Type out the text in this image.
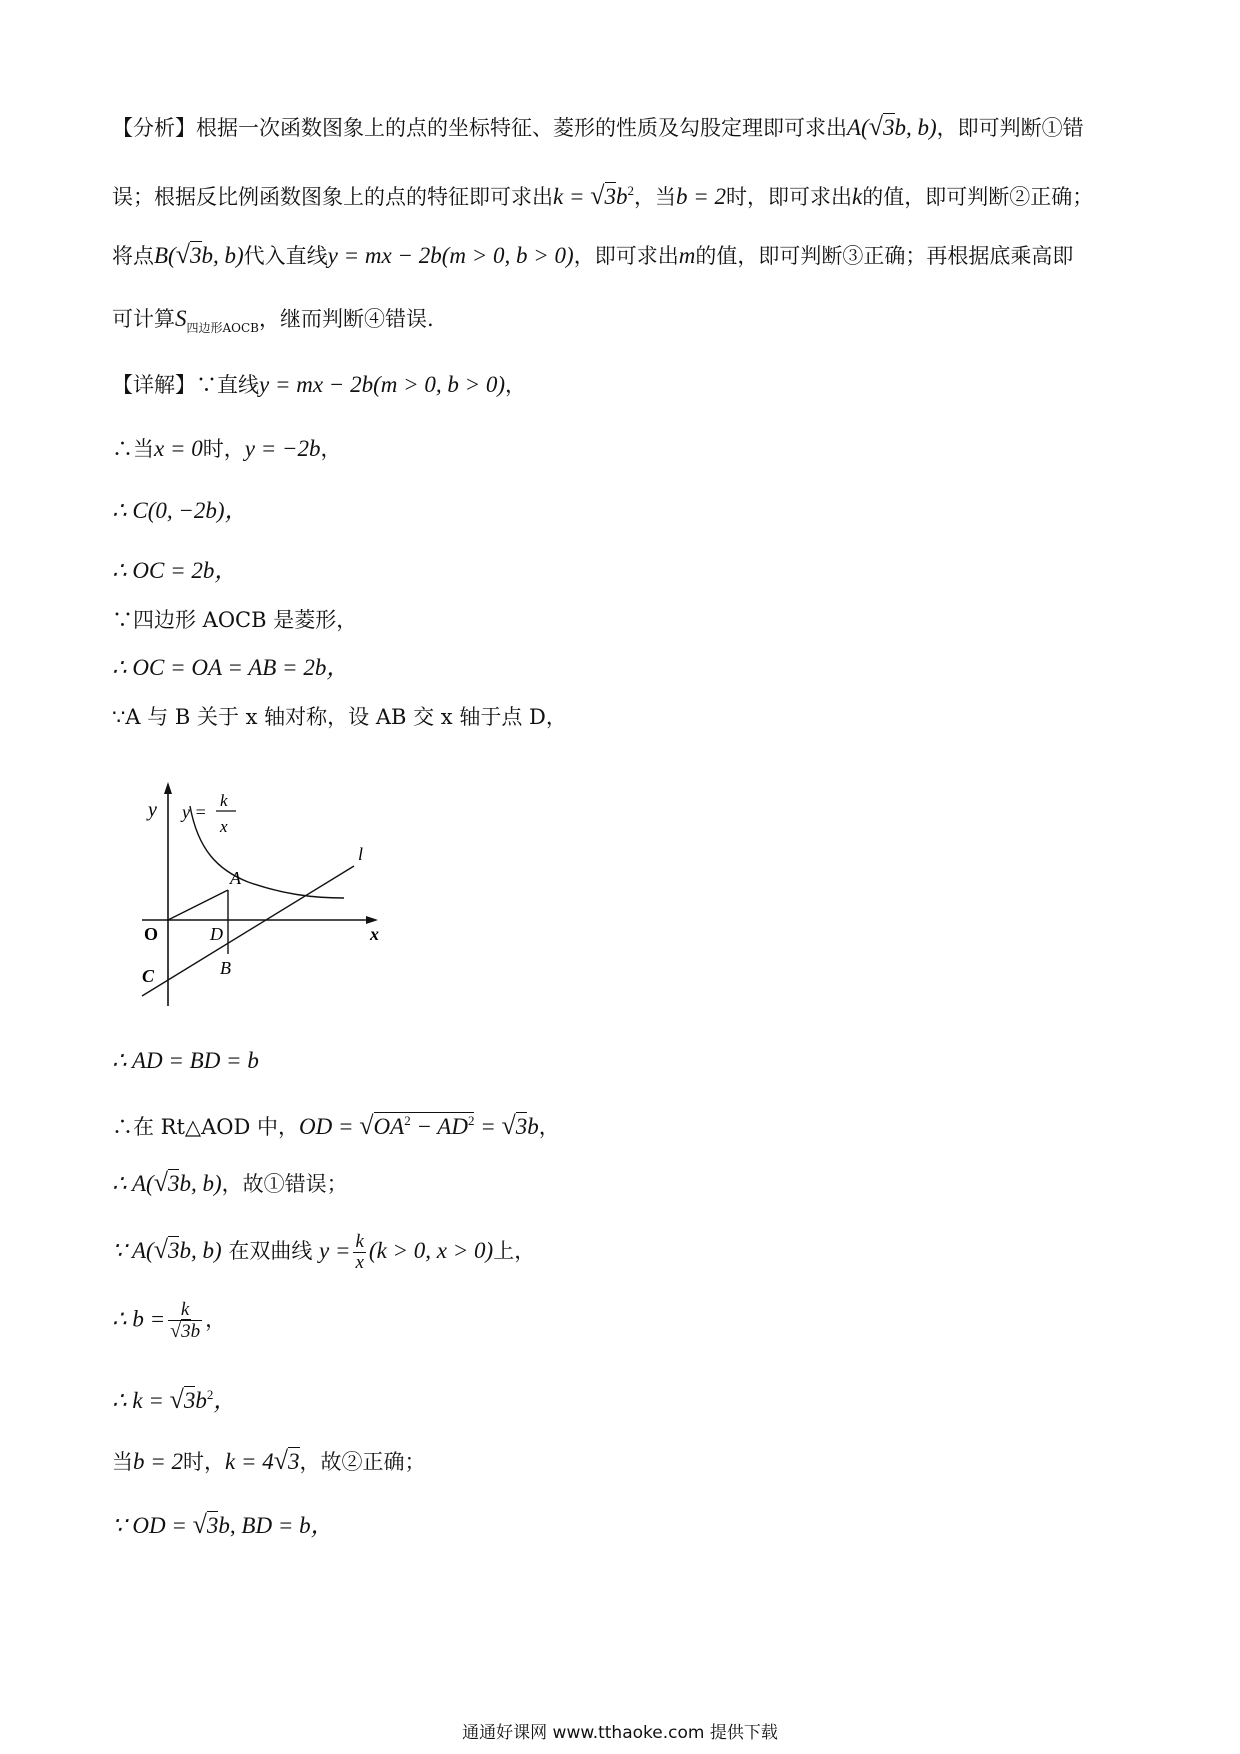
【分析】根据一次函数图象上的点的坐标特征、菱形的性质及勾股定理即可求出A(√3b, b)，即可判断①错
误；根据反比例函数图象上的点的特征即可求出$k = √3b^2$，当b = 2时，即可求出k的值，即可判断②正确；
将点B(√3b, b)代入直线y = mx − 2b(m > 0, b > 0)，即可求出m的值，即可判断③正确；再根据底乘高即
可计算$S_{四边形AOCB}$，继而判断④错误.
【详解】∵直线y = mx − 2b(m > 0, b > 0)，
∴当x = 0时，y = −2b，
∴ C(0, −2b)，
∴ OC = 2b，
∵四边形 AOCB 是菱形，
∴ OC = OA = AB = 2b，
∵A 与 B 关于 x 轴对称，设 AB 交 x 轴于点 D，
y y =
k
x
A
l
O	D	x
B
C
∴ AD = BD = b
∴在 Rt△AOD 中，OD = $√OA^2 - AD^2 = √3b$，
∴ A(√3b, b)，故①错误；
∵ A(√3b, b) 在双曲线 $y = \frac{k}{x} (k > 0$, x > 0)上，
∴ $b = \frac{k}{√3b}$ ，
∴ $k = √3b^2$，
当b = 2时，k = 4√3，故②正确；
∵ OD = √3b, BD = b，
通通好课网 www.tthaoke.com 提供下载
